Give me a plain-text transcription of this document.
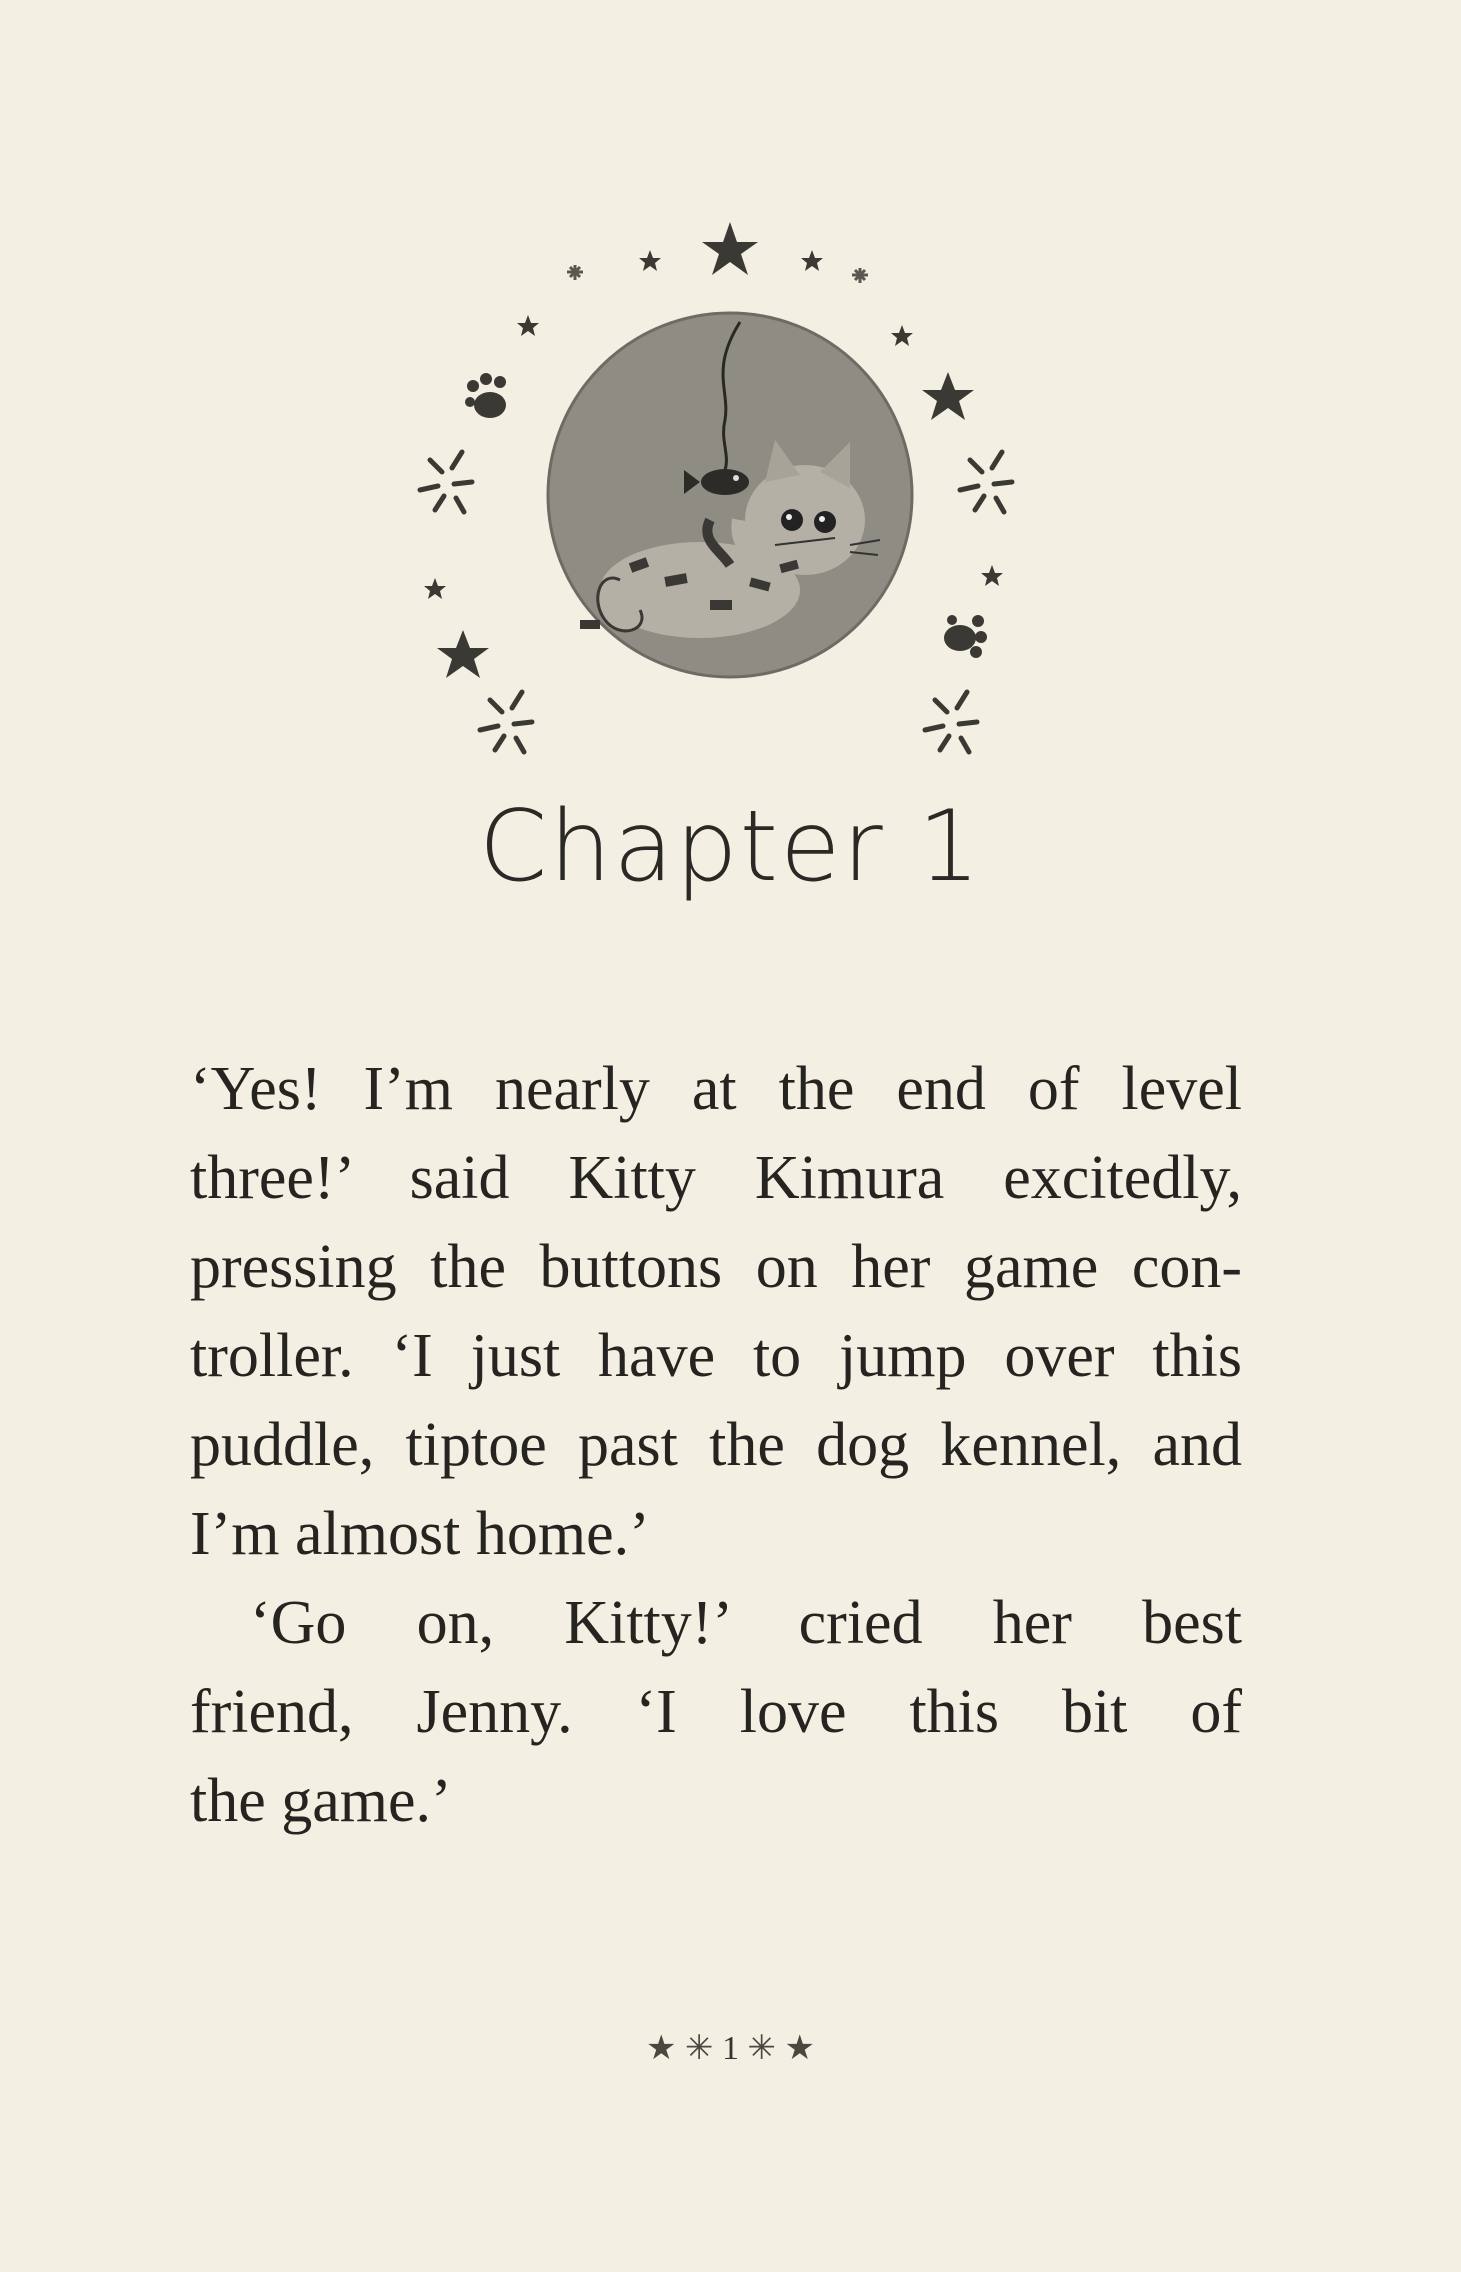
Chapter 1
‘Yes! I’m nearly at the end of level
three!’ said Kitty Kimura excitedly,
pressing the buttons on her game con-
troller. ‘I just have to jump over this
puddle, tiptoe past the dog kennel, and
I’m almost home.’
‘Go on, Kitty!’ cried her best
friend, Jenny. ‘I love this bit of
the game.’
★ ✳ 1 ✳ ★
